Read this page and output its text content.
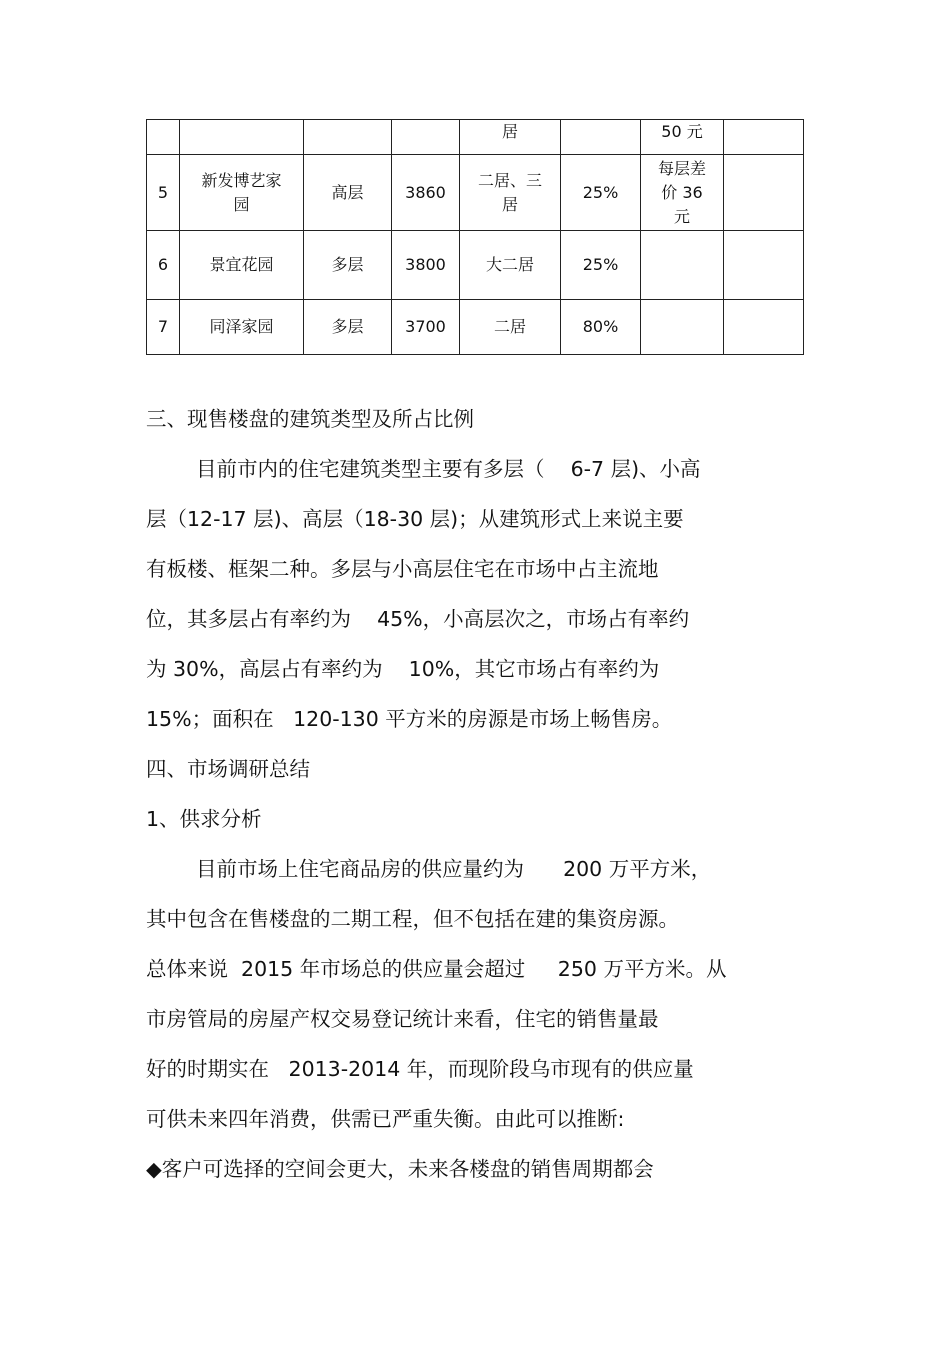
				居		50 元	
5	新发博艺家园	高层	3860	二居、三居	25%	每层差价 36 元	
6	景宜花园	多层	3800	大二居	25%		
7	同泽家园	多层	3700	二居	80%		
三、现售楼盘的建筑类型及所占比例
目前市内的住宅建筑类型主要有多层（    6-7 层)、小高
层（12-17 层)、高层（18-30 层)；从建筑形式上来说主要
有板楼、框架二种。多层与小高层住宅在市场中占主流地
位，其多层占有率约为    45%，小高层次之，市场占有率约
为 30%，高层占有率约为    10%，其它市场占有率约为
15%；面积在   120-130 平方米的房源是市场上畅售房。
四、市场调研总结
1、供求分析
目前市场上住宅商品房的供应量约为      200 万平方米，
其中包含在售楼盘的二期工程，但不包括在建的集资房源。
总体来说  2015 年市场总的供应量会超过     250 万平方米。从
市房管局的房屋产权交易登记统计来看，住宅的销售量最
好的时期实在   2013-2014 年，而现阶段乌市现有的供应量
可供未来四年消费，供需已严重失衡。由此可以推断:
◆客户可选择的空间会更大，未来各楼盘的销售周期都会
